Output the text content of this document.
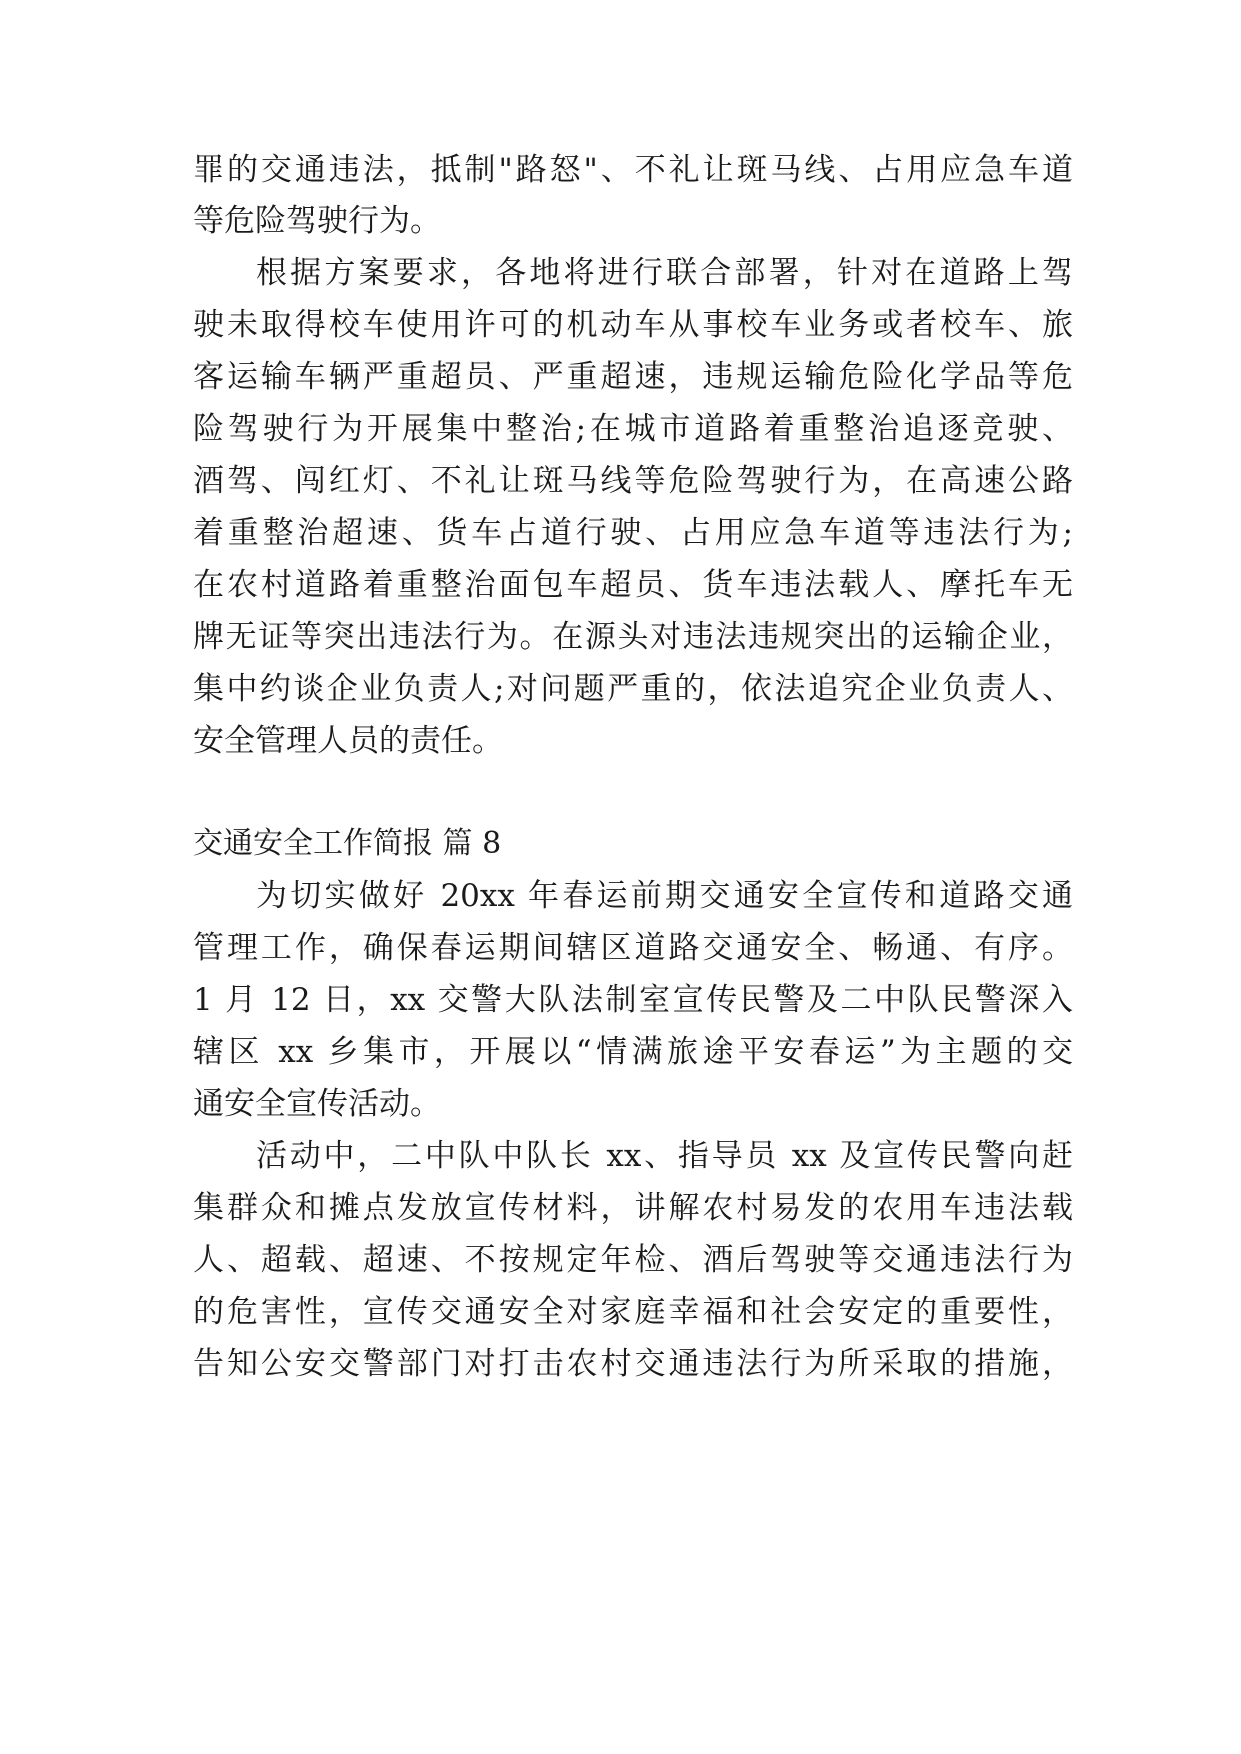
罪的交通违法，抵制"路怒"、不礼让斑马线、占用应急车道
等危险驾驶行为。
根据方案要求，各地将进行联合部署，针对在道路上驾
驶未取得校车使用许可的机动车从事校车业务或者校车、旅
客运输车辆严重超员、严重超速，违规运输危险化学品等危
险驾驶行为开展集中整治;在城市道路着重整治追逐竞驶、
酒驾、闯红灯、不礼让斑马线等危险驾驶行为，在高速公路
着重整治超速、货车占道行驶、占用应急车道等违法行为;
在农村道路着重整治面包车超员、货车违法载人、摩托车无
牌无证等突出违法行为。在源头对违法违规突出的运输企业，
集中约谈企业负责人;对问题严重的，依法追究企业负责人、
安全管理人员的责任。
交通安全工作简报 篇 8
为切实做好 20xx 年春运前期交通安全宣传和道路交通
管理工作，确保春运期间辖区道路交通安全、畅通、有序。
1 月 12 日，xx 交警大队法制室宣传民警及二中队民警深入
辖区 xx 乡集市，开展以“情满旅途平安春运”为主题的交
通安全宣传活动。
活动中，二中队中队长 xx、指导员 xx 及宣传民警向赶
集群众和摊点发放宣传材料，讲解农村易发的农用车违法载
人、超载、超速、不按规定年检、酒后驾驶等交通违法行为
的危害性，宣传交通安全对家庭幸福和社会安定的重要性，
告知公安交警部门对打击农村交通违法行为所采取的措施，
